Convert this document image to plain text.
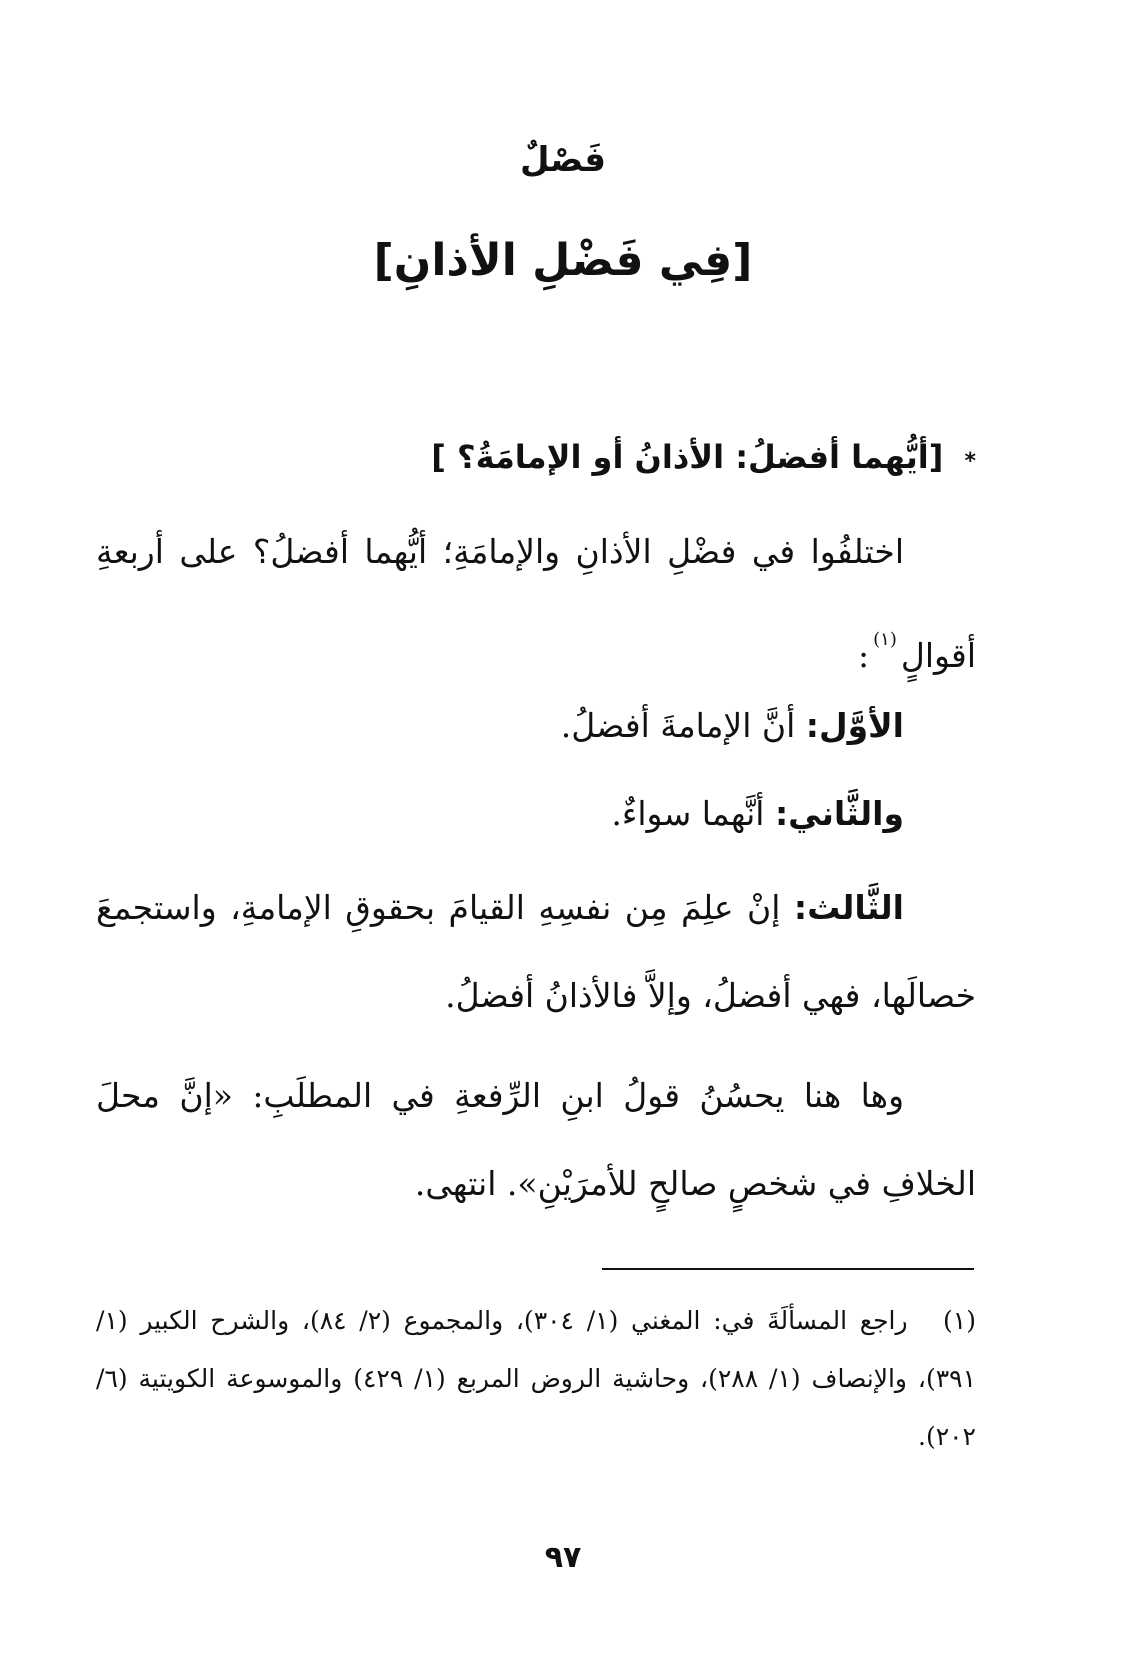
فَصْلٌ
[فِي فَضْلِ الأذانِ]
* [أيُّهما أفضلُ: الأذانُ أو الإمامَةُ؟ ]
اختلفُوا في فضْلِ الأذانِ والإمامَةِ؛ أيُّهما أفضلُ؟ على أربعةِ أقوالٍ$^{(١)}$:
الأوَّل: أنَّ الإمامةَ أفضلُ.
والثَّاني: أنَّهما سواءٌ.
الثَّالث: إنْ علِمَ مِن نفسِهِ القيامَ بحقوقِ الإمامةِ، واستجمعَ خصالَها، فهي أفضلُ، وإلاَّ فالأذانُ أفضلُ.
وها هنا يحسُنُ قولُ ابنِ الرِّفعةِ في المطلَبِ: «إنَّ محلَ الخلافِ في شخصٍ صالحٍ للأمرَيْنِ». انتهى.
(١)  راجع المسألَةَ في: المغني (١/ ٣٠٤)، والمجموع (٢/ ٨٤)، والشرح الكبير (١/ ٣٩١)، والإنصاف (١/ ٢٨٨)، وحاشية الروض المربع (١/ ٤٢٩) والموسوعة الكويتية (٦/ ٢٠٢).
٩٧
